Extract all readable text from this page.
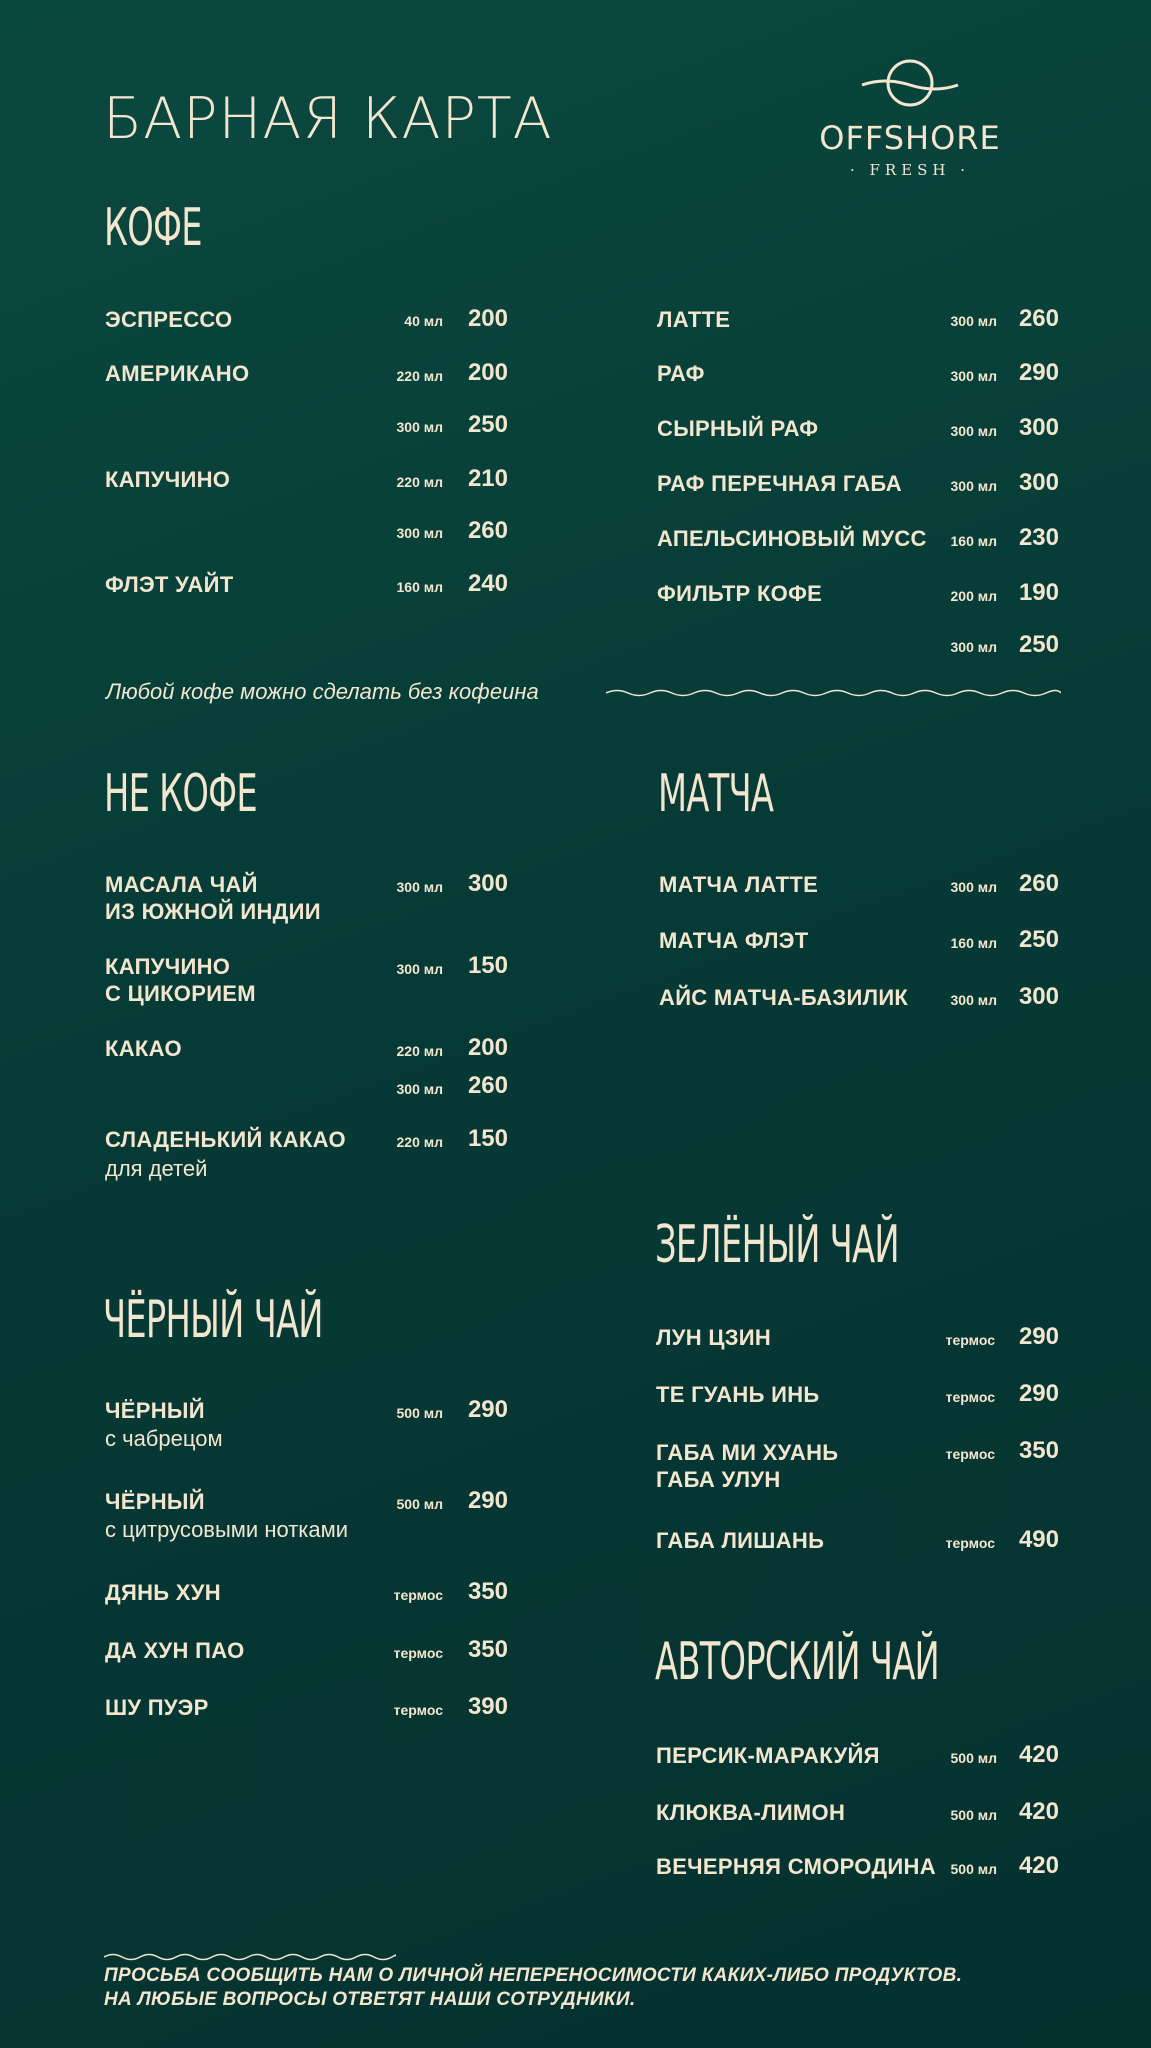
БАРНАЯ КАРТА	OFFSHORE
· FRESH ·
КОФЕ
ЭСПРЕССО	40 мл	200
АМЕРИКАНО	220 мл	200
300 мл	250
КАПУЧИНО	220 мл	210
300 мл	260
ФЛЭТ УАЙТ	160 мл	240
ЛАТТЕ	300 мл 260
РАФ	300 мл 290
СЫРНЫЙ РАФ	300 мл 300
РАФ ПЕРЕЧНАЯ ГАБА	300 мл 300
АПЕЛЬСИНОВЫЙ МУСС	160 мл 230
ФИЛЬТР КОФЕ	200 мл 190
300 мл 250
Любой кофе можно сделать без кофеина
НЕ КОФЕ
МАСАЛА ЧАЙ
ИЗ ЮЖНОЙ ИНДИИ
300 мл	300
КАПУЧИНО
С ЦИКОРИЕМ
300 мл	150
КАКАО	220 мл	200
300 мл	260
СЛАДЕНЬКИЙ КАКАО
для детей
220 мл	150
МАТЧА
МАТЧА ЛАТТЕ	300 мл 260
МАТЧА ФЛЭТ	160 мл 250
АЙС МАТЧА-БАЗИЛИК	300 мл 300
ЗЕЛЁНЫЙ ЧАЙ
ЛУН ЦЗИН	термос 290
ТЕ ГУАНЬ ИНЬ	термос 290
ГАБА МИ ХУАНЬ
ГАБА УЛУН
термос 350
ГАБА ЛИШАНЬ	термос 490
ЧЁРНЫЙ ЧАЙ
ЧЁРНЫЙ
с чабрецом
500 мл	290
ЧЁРНЫЙ
с цитрусовыми нотками
500 мл	290
ДЯНЬ ХУН	термос	350
ДА ХУН ПАО	термос	350
ШУ ПУЭР	термос	390
АВТОРСКИЙ ЧАЙ
ПЕРСИК-МАРАКУЙЯ	500 мл 420
КЛЮКВА-ЛИМОН	500 мл 420
ВЕЧЕРНЯЯ СМОРОДИНА	500 мл 420
ПРОСЬБА СООБЩИТЬ НАМ О ЛИЧНОЙ НЕПЕРЕНОСИМОСТИ КАКИХ-ЛИБО ПРОДУКТОВ.
НА ЛЮБЫЕ ВОПРОСЫ ОТВЕТЯТ НАШИ СОТРУДНИКИ.
